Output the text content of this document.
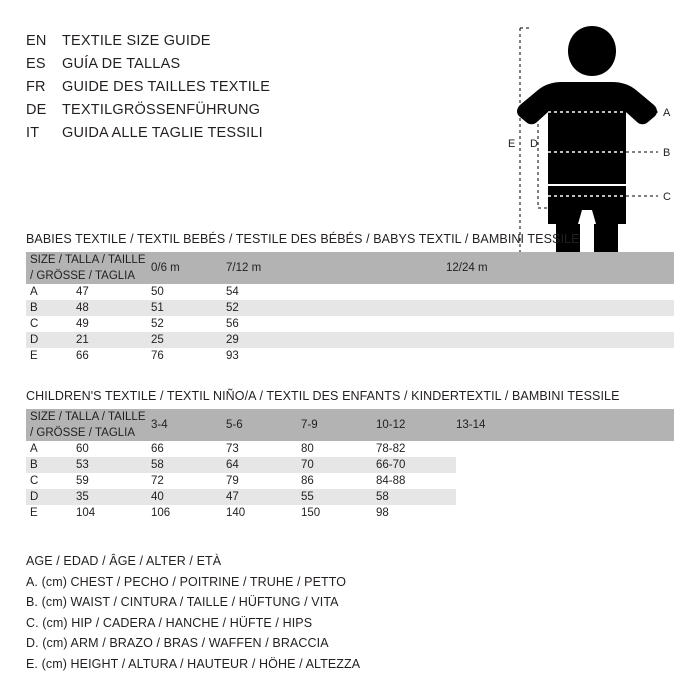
EN	TEXTILE SIZE GUIDE
ES	GUÍA DE TALLAS
FR	GUIDE DES TAILLES TEXTILE
DE	TEXTILGRÖSSENFÜHRUNG
IT	GUIDA ALLE TAGLIE TESSILI
A
B
C
D
E
BABIES TEXTILE / TEXTIL BEBÉS / TESTILE DES BÉBÉS / BABYS TEXTIL / BAMBINI TESSILE
SIZE / TALLA / TAILLE / GRÖSSE / TAGLIA		0/6 m	7/12 m	12/24 m
A	47	50	54	
B	48	51	52	
C	49	52	56	
D	21	25	29	
E	66	76	93	
CHILDREN'S TEXTILE / TEXTIL NIÑO/A / TEXTIL DES ENFANTS / KINDERTEXTIL / BAMBINI TESSILE
SIZE / TALLA / TAILLE / GRÖSSE / TAGLIA		3-4	5-6	7-9	10-12	13-14
A	60	66	73	80	78-82	
B	53	58	64	70	66-70	
C	59	72	79	86	84-88	
D	35	40	47	55	58	
E	104	106	140	150	98	
AGE / EDAD / ÂGE / ALTER / ETÀ
A. (cm) CHEST / PECHO / POITRINE / TRUHE / PETTO
B. (cm) WAIST / CINTURA / TAILLE / HÜFTUNG / VITA
C. (cm) HIP / CADERA / HANCHE / HÜFTE / HIPS
D. (cm) ARM / BRAZO / BRAS / WAFFEN / BRACCIA
E. (cm) HEIGHT / ALTURA / HAUTEUR / HÖHE / ALTEZZA
